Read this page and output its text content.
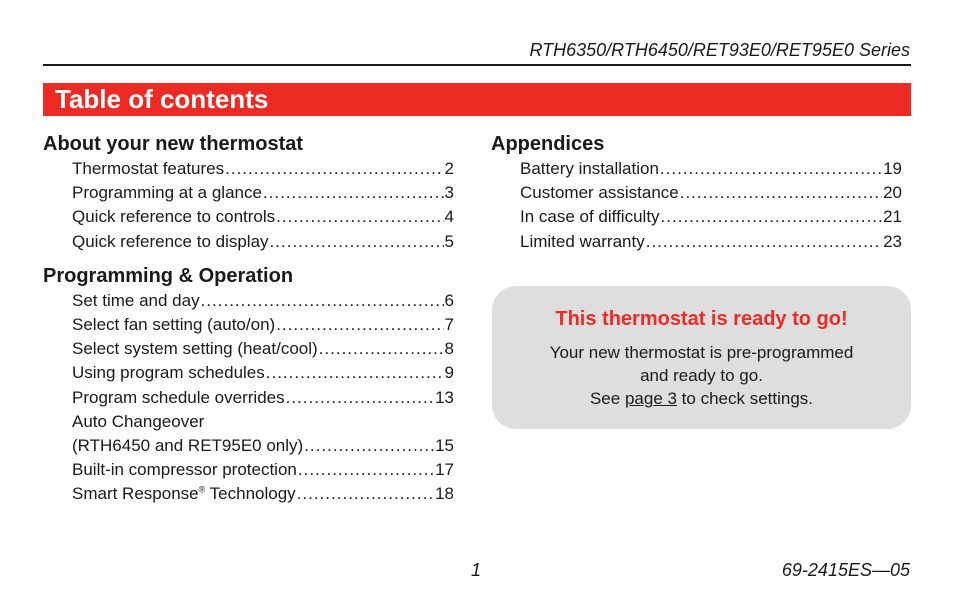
RTH6350/RTH6450/RET93E0/RET95E0 Series
Table of contents
About your new thermostat
Thermostat features .....	2
Programming at a glance .....	3
Quick reference to controls .....	4
Quick reference to display .....	5
Programming & Operation
Set time and day .....	6
Select fan setting (auto/on) .....	7
Select system setting (heat/cool) .....	8
Using program schedules .....	9
Program schedule overrides .....	13
Auto Changeover
(RTH6450 and RET95E0 only) .....	15
Built-in compressor protection .....	17
Smart Response® Technology .....	18
Appendices
Battery installation .....	19
Customer assistance .....	20
In case of difficulty .....	21
Limited warranty .....	23
This thermostat is ready to go!
Your new thermostat is pre-programmed
and ready to go.
See page 3 to check settings.
1	69-2415ES—05
